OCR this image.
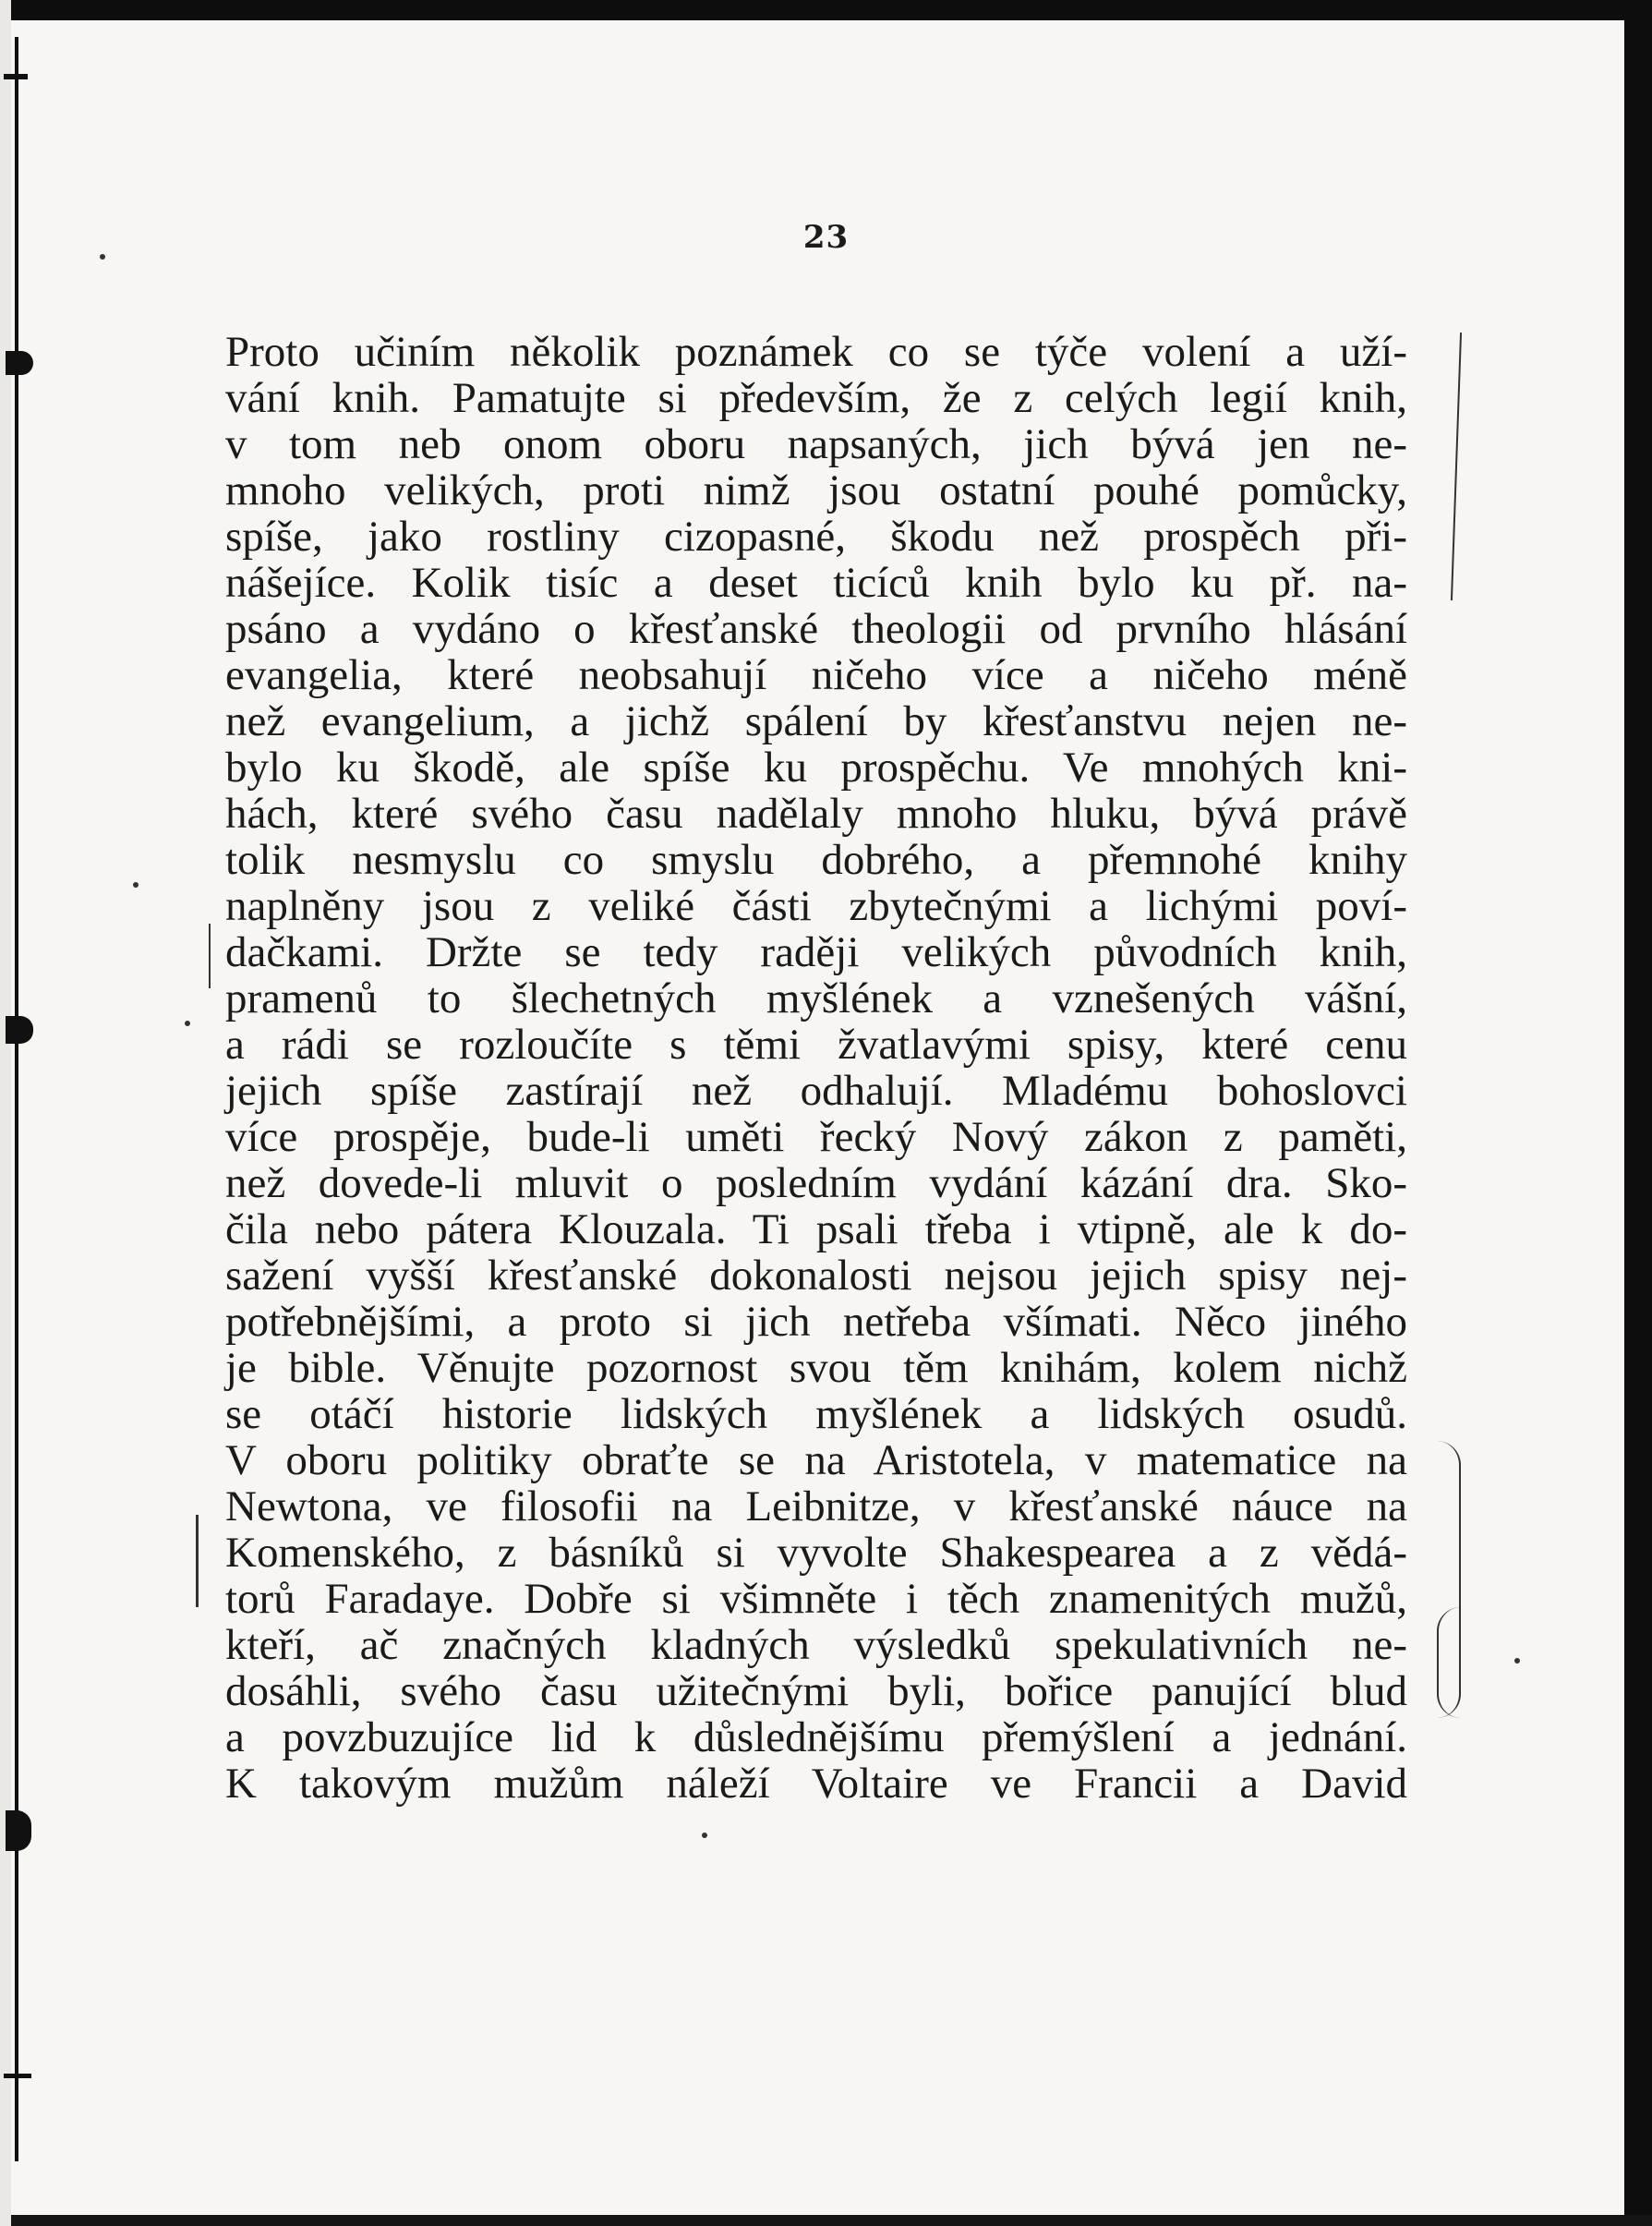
23
Proto učiním několik poznámek co se týče volení a uží-
vání knih. Pamatujte si především, že z celých legií knih,
v tom neb onom oboru napsaných, jich bývá jen ne-
mnoho velikých, proti nimž jsou ostatní pouhé pomůcky,
spíše, jako rostliny cizopasné, škodu než prospěch při-
nášejíce. Kolik tisíc a deset ticíců knih bylo ku př. na-
psáno a vydáno o křesťanské theologii od prvního hlásání
evangelia, které neobsahují ničeho více a ničeho méně
než evangelium, a jichž spálení by křesťanstvu nejen ne-
bylo ku škodě, ale spíše ku prospěchu. Ve mnohých kni-
hách, které svého času nadělaly mnoho hluku, bývá právě
tolik nesmyslu co smyslu dobrého, a přemnohé knihy
naplněny jsou z veliké části zbytečnými a lichými poví-
dačkami. Držte se tedy raději velikých původních knih,
pramenů to šlechetných myšlének a vznešených vášní,
a rádi se rozloučíte s těmi žvatlavými spisy, které cenu
jejich spíše zastírají než odhalují. Mladému bohoslovci
více prospěje, bude-li uměti řecký Nový zákon z paměti,
než dovede-li mluvit o posledním vydání kázání dra. Sko-
čila nebo pátera Klouzala. Ti psali třeba i vtipně, ale k do-
sažení vyšší křesťanské dokonalosti nejsou jejich spisy nej-
potřebnějšími, a proto si jich netřeba všímati. Něco jiného
je bible. Věnujte pozornost svou těm knihám, kolem nichž
se otáčí historie lidských myšlének a lidských osudů.
V oboru politiky obraťte se na Aristotela, v matematice na
Newtona, ve filosofii na Leibnitze, v křesťanské náuce na
Komenského, z básníků si vyvolte Shakespearea a z vědá-
torů Faradaye. Dobře si všimněte i těch znamenitých mužů,
kteří, ač značných kladných výsledků spekulativních ne-
dosáhli, svého času užitečnými byli, bořice panující blud
a povzbuzujíce lid k důslednějšímu přemýšlení a jednání.
K takovým mužům náleží Voltaire ve Francii a David
